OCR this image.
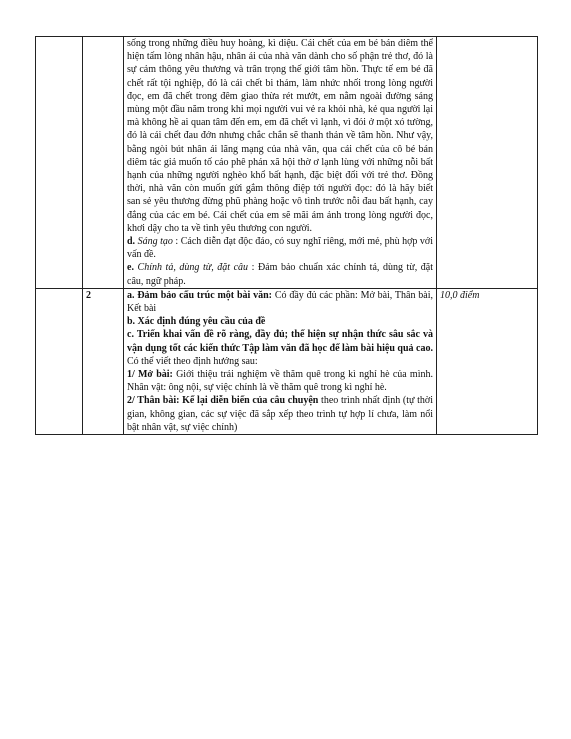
		sống trong những điều huy hoàng, kì diệu. Cái chết của em bé bán diêm thể hiện tấm lòng nhân hậu, nhân ái của nhà văn dành cho số phận trẻ thơ, đó là sự cảm thông yêu thương và trân trọng thế giới tâm hồn. Thực tế em bé đã chết rất tội nghiệp, đó là cái chết bi thảm, làm nhức nhối trong lòng người đọc, em đã chết trong đêm giao thừa rét mướt, em nằm ngoài đường sáng mùng một đầu năm trong khi mọi người vui vẻ ra khỏi nhà, kẻ qua người lại mà không hề ai quan tâm đến em, em đã chết vì lạnh, vì đói ở một xó tường, đó là cái chết đau đớn nhưng chắc chắn sẽ thanh thản về tâm hồn. Như vậy, bằng ngòi bút nhân ái lãng mạng của nhà văn, qua cái chết của cô bé bán diêm tác giả muốn tố cáo phê phán xã hội thờ ơ lạnh lùng với những nỗi bất hạnh của những người nghèo khổ bất hạnh, đặc biệt đối với trẻ thơ. Đồng thời, nhà văn còn muốn gửi gắm thông điệp tới người đọc: đó là hãy biết san sẻ yêu thương đừng phũ phàng hoặc vô tình trước nỗi đau bất hạnh, cay đắng của các em bé. Cái chết của em sẽ mãi ám ảnh trong lòng người đọc, khơi dậy cho ta về tình yêu thương con người.

d. Sáng tạo : Cách diễn đạt độc đáo, có suy nghĩ riêng, mới mẻ, phù hợp với vấn đề.

e. Chính tả, dùng từ, đặt câu : Đảm bảo chuẩn xác chính tả, dùng từ, đặt câu, ngữ pháp.	

	2	a. Đảm bảo cấu trúc một bài văn: Có đầy đủ các phần: Mở bài, Thân bài, Kết bài

b. Xác định đúng yêu cầu của đề

c. Triển khai vấn đề rõ ràng, đầy đủ; thể hiện sự nhận thức sâu sắc và vận dụng tốt các kiến thức Tập làm văn đã học để làm bài hiệu quả cao. Có thể viết theo định hướng sau:

1/ Mở bài: Giới thiệu trải nghiệm về thăm quê trong kì nghỉ hè của mình. Nhân vật: ông nội, sự việc chính là về thăm quê trong kì nghỉ hè.

2/ Thân bài: Kể lại diễn biến của câu chuyện theo trình nhất định (tự thời gian, không gian, các sự việc đã sắp xếp theo trình tự hợp lí chưa, làm nổi bật nhân vật, sự việc chính)	10,0 điểm
